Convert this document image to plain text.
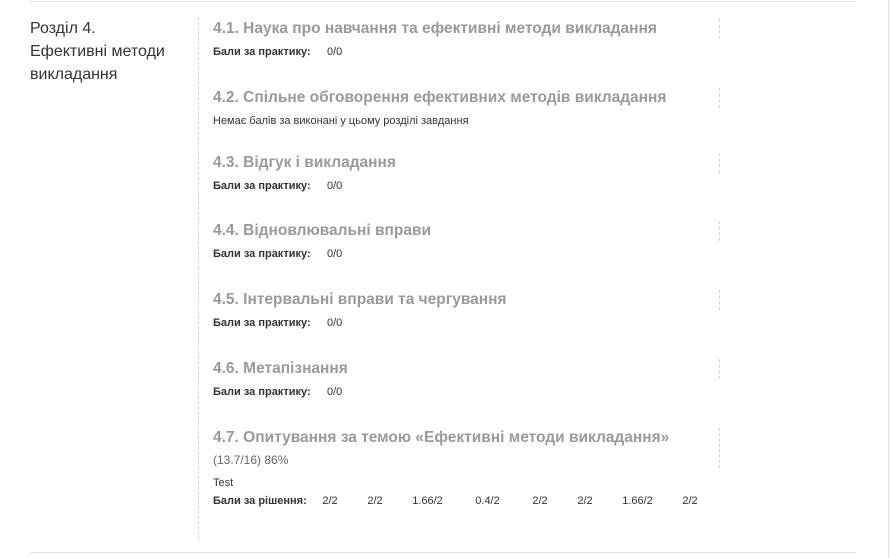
Розділ 4.
Ефективні методи
викладання
4.1. Наука про навчання та ефективні методи викладання
Бали за практику: 0/0
4.2. Спільне обговорення ефективних методів викладання
Немає балів за виконані у цьому розділі завдання
4.3. Відгук і викладання
Бали за практику: 0/0
4.4. Відновлювальні вправи
Бали за практику: 0/0
4.5. Інтервальні вправи та чергування
Бали за практику: 0/0
4.6. Метапізнання
Бали за практику: 0/0
4.7. Опитування за темою «Ефективні методи викладання»
(13.7/16) 86%
Test
Бали за рішення: 2/2	2/2	1.66/2	0.4/2	2/2	2/2	1.66/2	2/2
